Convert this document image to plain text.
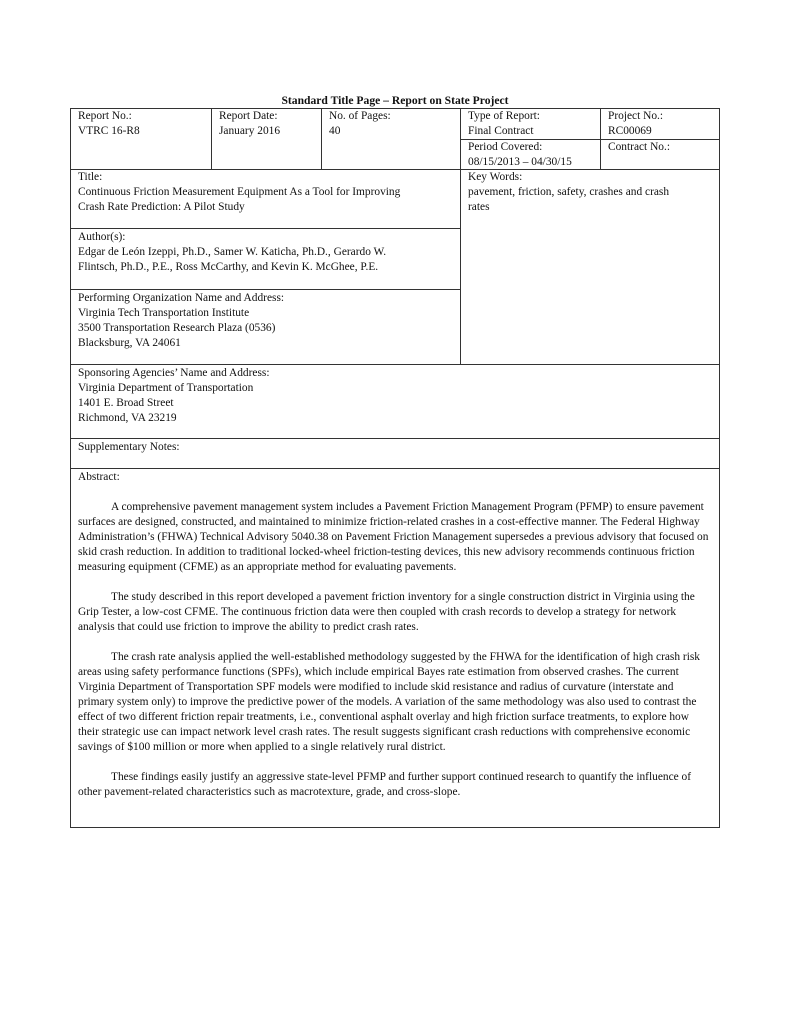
Standard Title Page – Report on State Project
Report No.:
VTRC 16-R8
Report Date:
January 2016
No. of Pages:
40
Type of Report:
Final Contract
Project No.:
RC00069
Period Covered:
08/15/2013 – 04/30/15
Contract No.:
Title:
Continuous Friction Measurement Equipment As a Tool for Improving
Crash Rate Prediction: A Pilot Study
Key Words:
pavement, friction, safety, crashes and crash
rates
Author(s):
Edgar de León Izeppi, Ph.D., Samer W. Katicha, Ph.D., Gerardo W.
Flintsch, Ph.D., P.E., Ross McCarthy, and Kevin K. McGhee, P.E.
Performing Organization Name and Address:
Virginia Tech Transportation Institute
3500 Transportation Research Plaza (0536)
Blacksburg, VA 24061
Sponsoring Agencies’ Name and Address:
Virginia Department of Transportation
1401 E. Broad Street
Richmond, VA 23219
Supplementary Notes:
Abstract:
A comprehensive pavement management system includes a Pavement Friction Management Program (PFMP) to ensure pavement surfaces are designed, constructed, and maintained to minimize friction-related crashes in a cost-effective manner. The Federal Highway Administration’s (FHWA) Technical Advisory 5040.38 on Pavement Friction Management supersedes a previous advisory that focused on skid crash reduction. In addition to traditional locked-wheel friction-testing devices, this new advisory recommends continuous friction measuring equipment (CFME) as an appropriate method for evaluating pavements.
The study described in this report developed a pavement friction inventory for a single construction district in Virginia using the Grip Tester, a low-cost CFME. The continuous friction data were then coupled with crash records to develop a strategy for network analysis that could use friction to improve the ability to predict crash rates.
The crash rate analysis applied the well-established methodology suggested by the FHWA for the identification of high crash risk areas using safety performance functions (SPFs), which include empirical Bayes rate estimation from observed crashes. The current Virginia Department of Transportation SPF models were modified to include skid resistance and radius of curvature (interstate and primary system only) to improve the predictive power of the models. A variation of the same methodology was also used to contrast the effect of two different friction repair treatments, i.e., conventional asphalt overlay and high friction surface treatments, to explore how their strategic use can impact network level crash rates. The result suggests significant crash reductions with comprehensive economic savings of $100 million or more when applied to a single relatively rural district.
These findings easily justify an aggressive state-level PFMP and further support continued research to quantify the influence of other pavement-related characteristics such as macrotexture, grade, and cross-slope.
